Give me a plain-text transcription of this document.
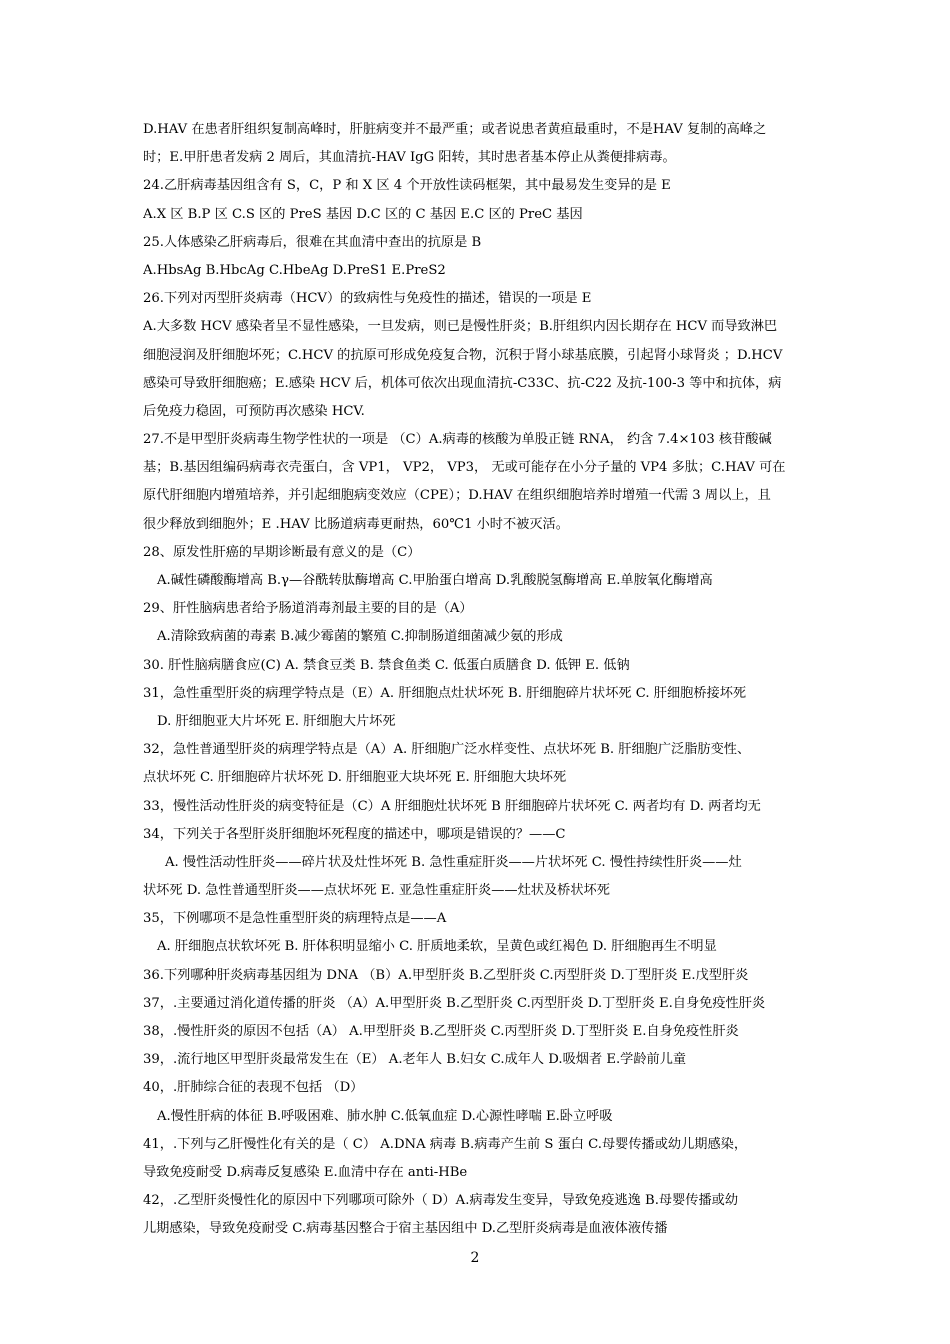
D.HAV 在患者肝组织复制高峰时，肝脏病变并不最严重；或者说患者黄疸最重时，不是HAV 复制的高峰之
时；E.甲肝患者发病 2 周后，其血清抗-HAV IgG 阳转，其时患者基本停止从粪便排病毒。
24.乙肝病毒基因组含有 S，C，P 和 X 区 4 个开放性读码框架，其中最易发生变异的是 E
A.X 区 B.P 区 C.S 区的 PreS 基因 D.C 区的 C 基因 E.C 区的 PreC 基因
25.人体感染乙肝病毒后，很难在其血清中查出的抗原是 B
A.HbsAg B.HbcAg C.HbeAg D.PreS1 E.PreS2
26.下列对丙型肝炎病毒（HCV）的致病性与免疫性的描述，错误的一项是 E
A.大多数 HCV 感染者呈不显性感染，一旦发病，则已是慢性肝炎；B.肝组织内因长期存在 HCV 而导致淋巴
细胞浸润及肝细胞坏死；C.HCV 的抗原可形成免疫复合物，沉积于肾小球基底膜，引起肾小球肾炎 ；D.HCV
感染可导致肝细胞癌；E.感染 HCV 后，机体可依次出现血清抗-C33C、抗-C22 及抗-100-3 等中和抗体，病
后免疫力稳固，可预防再次感染 HCV.
27.不是甲型肝炎病毒生物学性状的一项是 （C）A.病毒的核酸为单股正链 RNA， 约含 7.4×103 核苷酸碱
基；B.基因组编码病毒衣壳蛋白，含 VP1， VP2， VP3， 无或可能存在小分子量的 VP4 多肽；C.HAV 可在
原代肝细胞内增殖培养，并引起细胞病变效应（CPE）；D.HAV 在组织细胞培养时增殖一代需 3 周以上，且
很少释放到细胞外；E .HAV 比肠道病毒更耐热，60℃1 小时不被灭活。
28、原发性肝癌的早期诊断最有意义的是（C）
A.碱性磷酸酶增高 B.γ—谷酰转肽酶增高 C.甲胎蛋白增高 D.乳酸脱氢酶增高 E.单胺氧化酶增高
29、肝性脑病患者给予肠道消毒剂最主要的目的是（A）
A.清除致病菌的毒素 B.减少霉菌的繁殖 C.抑制肠道细菌减少氨的形成
30. 肝性脑病膳食应(C) A. 禁食豆类 B. 禁食鱼类 C. 低蛋白质膳食 D. 低钾 E. 低钠
31，急性重型肝炎的病理学特点是（E）A. 肝细胞点灶状坏死 B. 肝细胞碎片状坏死 C. 肝细胞桥接坏死
D. 肝细胞亚大片坏死 E. 肝细胞大片坏死
32，急性普通型肝炎的病理学特点是（A）A. 肝细胞广泛水样变性、点状坏死 B. 肝细胞广泛脂肪变性、
点状坏死 C. 肝细胞碎片状坏死 D. 肝细胞亚大块坏死 E. 肝细胞大块坏死
33，慢性活动性肝炎的病变特征是（C）A 肝细胞灶状坏死 B 肝细胞碎片状坏死 C. 两者均有 D. 两者均无
34，下列关于各型肝炎肝细胞坏死程度的描述中，哪项是错误的？——C
A. 慢性活动性肝炎——碎片状及灶性坏死 B. 急性重症肝炎——片状坏死 C. 慢性持续性肝炎——灶
状坏死 D. 急性普通型肝炎——点状坏死 E. 亚急性重症肝炎——灶状及桥状坏死
35，下例哪项不是急性重型肝炎的病理特点是——A
A. 肝细胞点状软坏死 B. 肝体积明显缩小 C. 肝质地柔软，呈黄色或红褐色 D. 肝细胞再生不明显
36.下列哪种肝炎病毒基因组为 DNA （B）A.甲型肝炎 B.乙型肝炎 C.丙型肝炎 D.丁型肝炎 E.戊型肝炎
37，.主要通过消化道传播的肝炎 （A）A.甲型肝炎 B.乙型肝炎 C.丙型肝炎 D.丁型肝炎 E.自身免疫性肝炎
38，.慢性肝炎的原因不包括（A） A.甲型肝炎 B.乙型肝炎 C.丙型肝炎 D.丁型肝炎 E.自身免疫性肝炎
39，.流行地区甲型肝炎最常发生在（E） A.老年人 B.妇女 C.成年人 D.吸烟者 E.学龄前儿童
40，.肝肺综合征的表现不包括 （D）
A.慢性肝病的体征 B.呼吸困难、肺水肿 C.低氧血症 D.心源性哮喘 E.卧立呼吸
41，.下列与乙肝慢性化有关的是（ C） A.DNA 病毒 B.病毒产生前 S 蛋白 C.母婴传播或幼儿期感染，
导致免疫耐受 D.病毒反复感染 E.血清中存在 anti-HBe
42，.乙型肝炎慢性化的原因中下列哪项可除外（ D）A.病毒发生变异，导致免疫逃逸 B.母婴传播或幼
儿期感染，导致免疫耐受 C.病毒基因整合于宿主基因组中 D.乙型肝炎病毒是血液体液传播
2
